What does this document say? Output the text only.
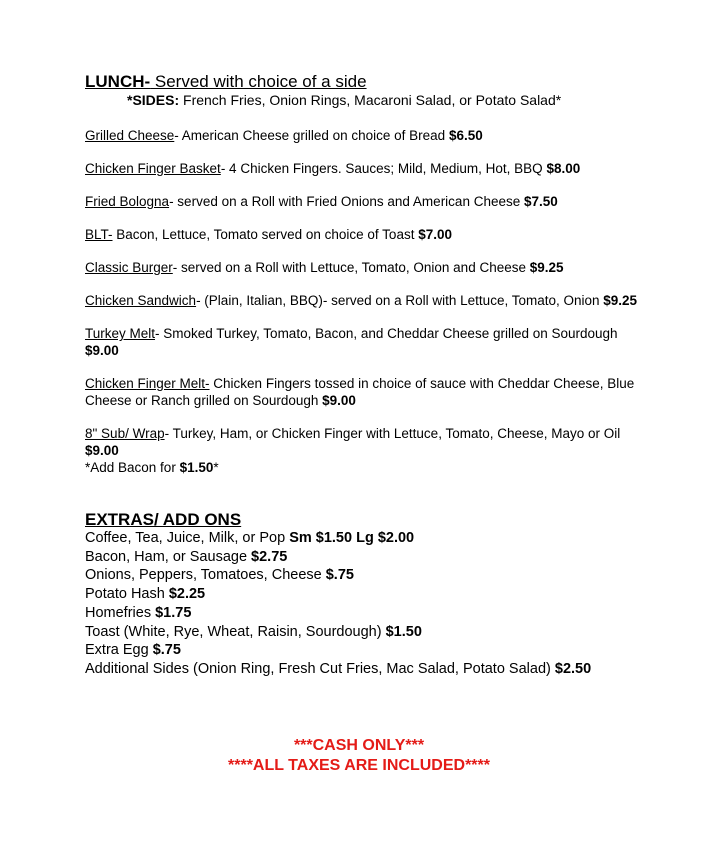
LUNCH- Served with choice of a side
*SIDES: French Fries, Onion Rings, Macaroni Salad, or Potato Salad*
Grilled Cheese- American Cheese grilled on choice of Bread $6.50
Chicken Finger Basket- 4 Chicken Fingers. Sauces; Mild, Medium, Hot, BBQ $8.00
Fried Bologna- served on a Roll with Fried Onions and American Cheese $7.50
BLT- Bacon, Lettuce, Tomato served on choice of Toast $7.00
Classic Burger- served on a Roll with Lettuce, Tomato, Onion and Cheese $9.25
Chicken Sandwich- (Plain, Italian, BBQ)- served on a Roll with Lettuce, Tomato, Onion $9.25
Turkey Melt- Smoked Turkey, Tomato, Bacon, and Cheddar Cheese grilled on Sourdough $9.00
Chicken Finger Melt- Chicken Fingers tossed in choice of sauce with Cheddar Cheese, Blue Cheese or Ranch grilled on Sourdough $9.00
8" Sub/ Wrap- Turkey, Ham, or Chicken Finger with Lettuce, Tomato, Cheese, Mayo or Oil $9.00
*Add Bacon for $1.50*
EXTRAS/ ADD ONS
Coffee, Tea, Juice, Milk, or Pop Sm $1.50 Lg $2.00
Bacon, Ham, or Sausage $2.75
Onions, Peppers, Tomatoes, Cheese $.75
Potato Hash $2.25
Homefries $1.75
Toast (White, Rye, Wheat, Raisin, Sourdough) $1.50
Extra Egg $.75
Additional Sides (Onion Ring, Fresh Cut Fries, Mac Salad, Potato Salad) $2.50
***CASH ONLY***
****ALL TAXES ARE INCLUDED****
